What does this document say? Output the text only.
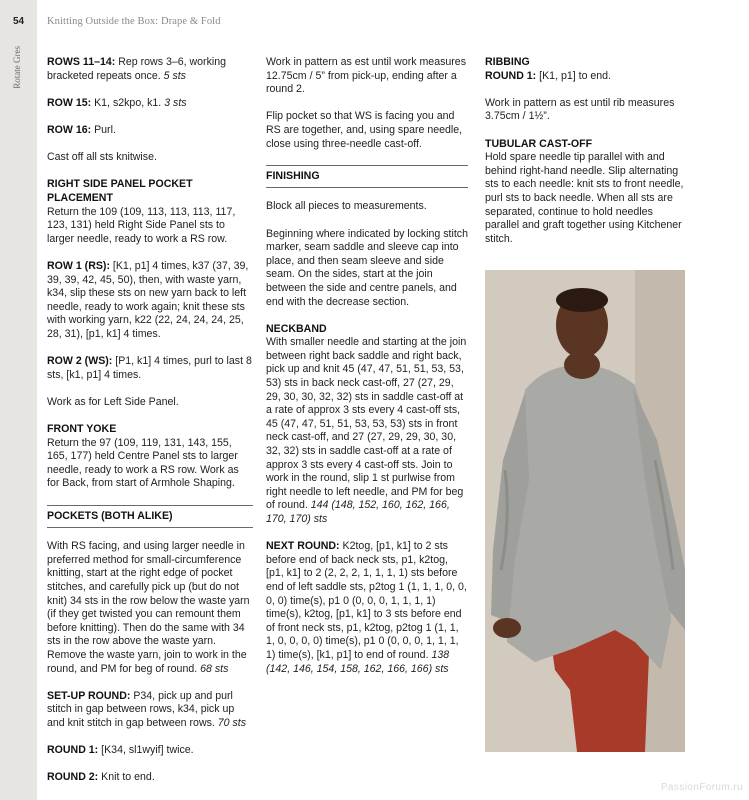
54
Rotate Gres
Knitting Outside the Box: Drape & Fold

ROWS 11–14: Rep rows 3–6, working bracketed repeats once. 5 sts

ROW 15: K1, s2kpo, k1. 3 sts

ROW 16: Purl.

Cast off all sts knitwise.

RIGHT SIDE PANEL POCKET PLACEMENT
Return the 109 (109, 113, 113, 113, 117, 123, 131) held Right Side Panel sts to larger needle, ready to work a RS row.

ROW 1 (RS): [K1, p1] 4 times, k37 (37, 39, 39, 39, 42, 45, 50), then, with waste yarn, k34, slip these sts on new yarn back to left needle, ready to work again; knit these sts with working yarn, k22 (22, 24, 24, 24, 25, 28, 31), [p1, k1] 4 times.

ROW 2 (WS): [P1, k1] 4 times, purl to last 8 sts, [k1, p1] 4 times.

Work as for Left Side Panel.

FRONT YOKE
Return the 97 (109, 119, 131, 143, 155, 165, 177) held Centre Panel sts to larger needle, ready to work a RS row. Work as for Back, from start of Armhole Shaping.

POCKETS (BOTH ALIKE)

With RS facing, and using larger needle in preferred method for small-circumference knitting, start at the right edge of pocket stitches, and carefully pick up (but do not knit) 34 sts in the row below the waste yarn (if they get twisted you can remount them before knitting). Then do the same with 34 sts in the row above the waste yarn. Remove the waste yarn, join to work in the round, and PM for beg of round. 68 sts

SET-UP ROUND: P34, pick up and purl stitch in gap between rows, k34, pick up and knit stitch in gap between rows. 70 sts

ROUND 1: [K34, sl1wyif] twice.

ROUND 2: Knit to end.

Work in pattern as est until work measures 12.75cm / 5” from pick-up, ending after a round 2.

Flip pocket so that WS is facing you and RS are together, and, using spare needle, close using three-needle cast-off.

FINISHING

Block all pieces to measurements.

Beginning where indicated by locking stitch marker, seam saddle and sleeve cap into place, and then seam sleeve and side seam. On the sides, start at the join between the side and centre panels, and end with the decrease section.

NECKBAND
With smaller needle and starting at the join between right back saddle and right back, pick up and knit 45 (47, 47, 51, 51, 53, 53, 53) sts in back neck cast-off, 27 (27, 29, 29, 30, 30, 32, 32) sts in saddle cast-off at a rate of approx 3 sts every 4 cast-off sts, 45 (47, 47, 51, 51, 53, 53, 53) sts in front neck cast-off, and 27 (27, 29, 29, 30, 30, 32, 32) sts in saddle cast-off at a rate of approx 3 sts every 4 cast-off sts. Join to work in the round, slip 1 st purlwise from right needle to left needle, and PM for beg of round. 144 (148, 152, 160, 162, 166, 170, 170) sts

NEXT ROUND: K2tog, [p1, k1] to 2 sts before end of back neck sts, p1, k2tog, [p1, k1] to 2 (2, 2, 2, 1, 1, 1, 1) sts before end of left saddle sts, p2tog 1 (1, 1, 1, 0, 0, 0, 0) time(s), p1 0 (0, 0, 0, 1, 1, 1, 1) time(s), k2tog, [p1, k1] to 3 sts before end of front neck sts, p1, k2tog, p2tog 1 (1, 1, 1, 0, 0, 0, 0) time(s), p1 0 (0, 0, 0, 1, 1, 1, 1) time(s), [k1, p1] to end of round. 138 (142, 146, 154, 158, 162, 166, 166) sts

RIBBING
ROUND 1: [K1, p1] to end.

Work in pattern as est until rib measures 3.75cm / 1½”.

TUBULAR CAST-OFF
Hold spare needle tip parallel with and behind right-hand needle. Slip alternating sts to each needle: knit sts to front needle, purl sts to back needle. When all sts are separated, continue to hold needles parallel and graft together using Kitchener stitch.

PassionForum.ru
